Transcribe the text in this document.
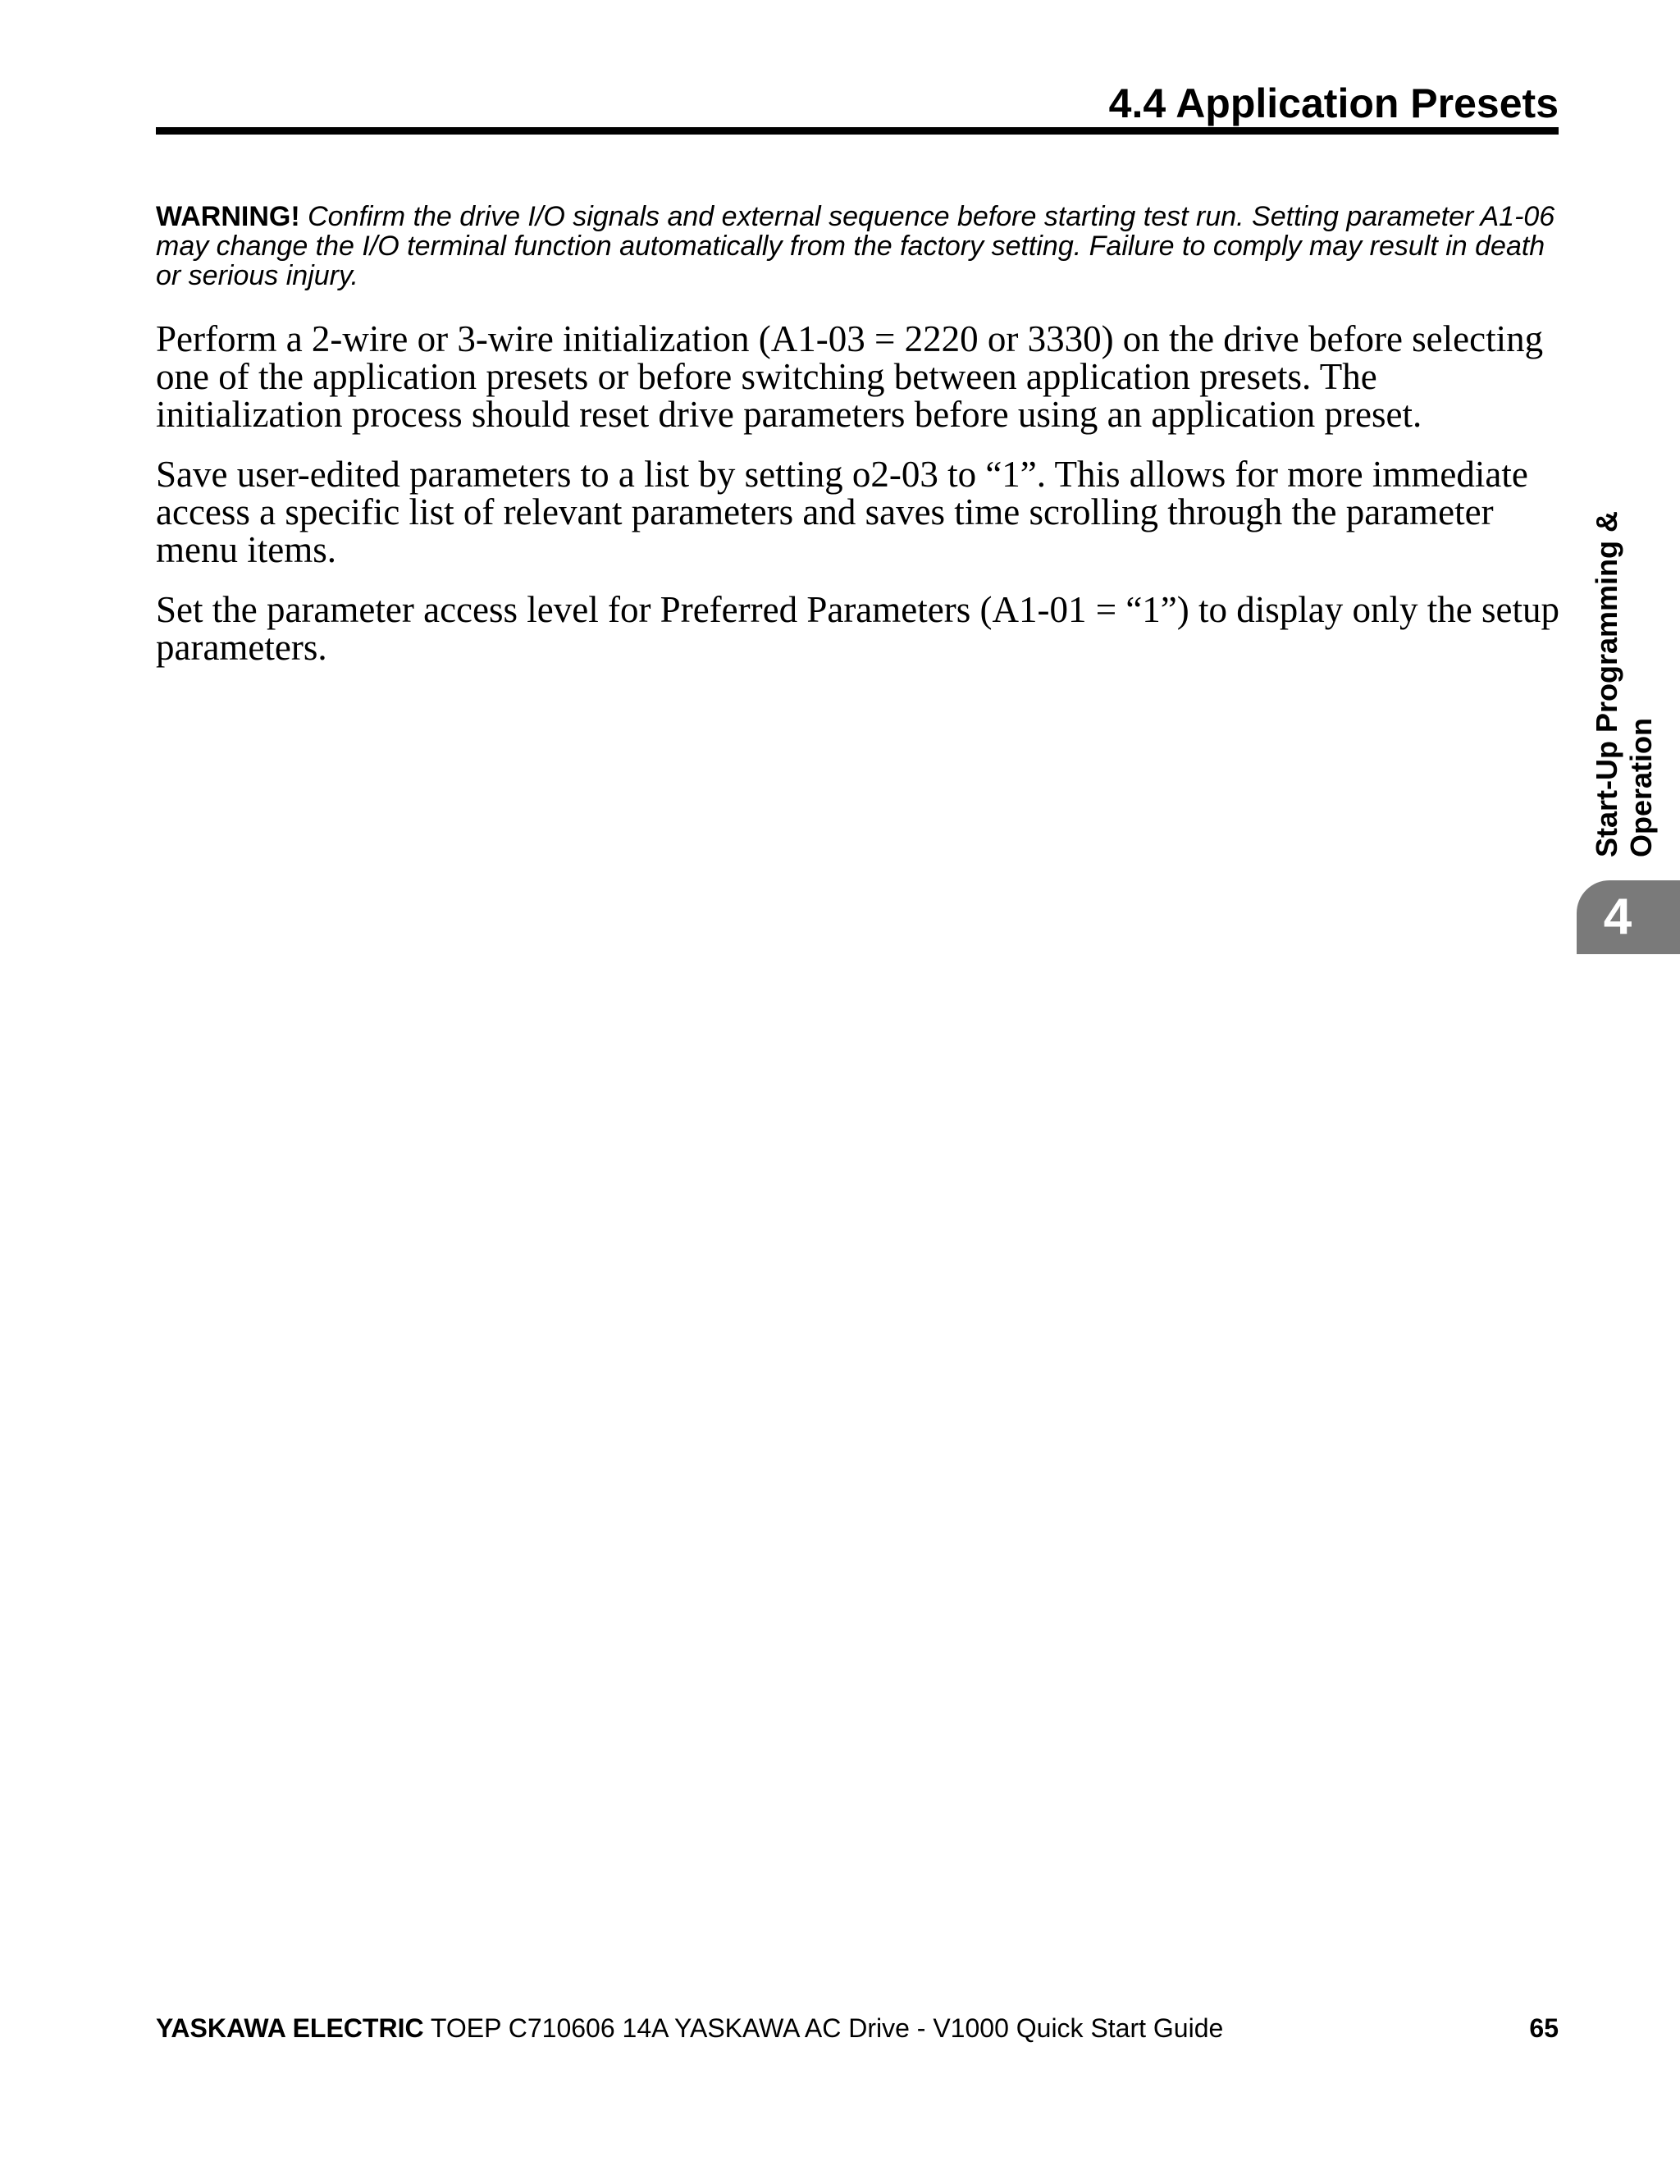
4.4 Application Presets

WARNING! Confirm the drive I/O signals and external sequence before starting test run. Setting parameter A1-06 may change the I/O terminal function automatically from the factory setting. Failure to comply may result in death or serious injury.

Perform a 2-wire or 3-wire initialization (A1-03 = 2220 or 3330) on the drive before selecting one of the application presets or before switching between application presets. The initialization process should reset drive parameters before using an application preset.

Save user-edited parameters to a list by setting o2-03 to “1”. This allows for more immediate access a specific list of relevant parameters and saves time scrolling through the parameter menu items.

Set the parameter access level for Preferred Parameters (A1-01 = “1”) to display only the setup parameters.	Start-Up Programming & Operation
4
YASKAWA ELECTRIC TOEP C710606 14A YASKAWA AC Drive - V1000 Quick Start Guide	65
